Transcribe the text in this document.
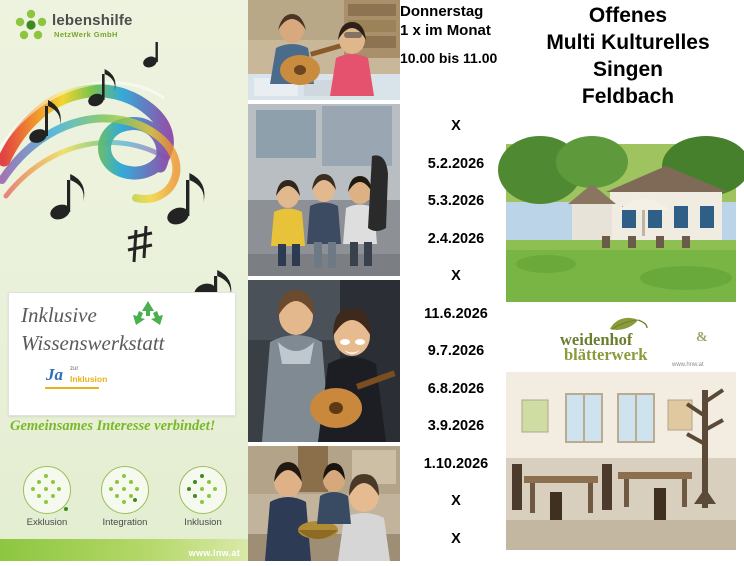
lebenshilfe
NetzWerk GmbH
Inklusive
Wissenswerkstatt
Ja zur
Inklusion
Gemeinsames Interesse verbindet!
Exklusion	Integration	Inklusion
www.lnw.at
Donnerstag
1 x im Monat
10.00 bis 11.00
X
5.2.2026
5.3.2026
2.4.2026
X
11.6.2026
9.7.2026
6.8.2026
3.9.2026
1.10.2026
X
X
Offenes
Multi Kulturelles
Singen
Feldbach
weidenhof	&
blätterwerk
www.hnw.at
